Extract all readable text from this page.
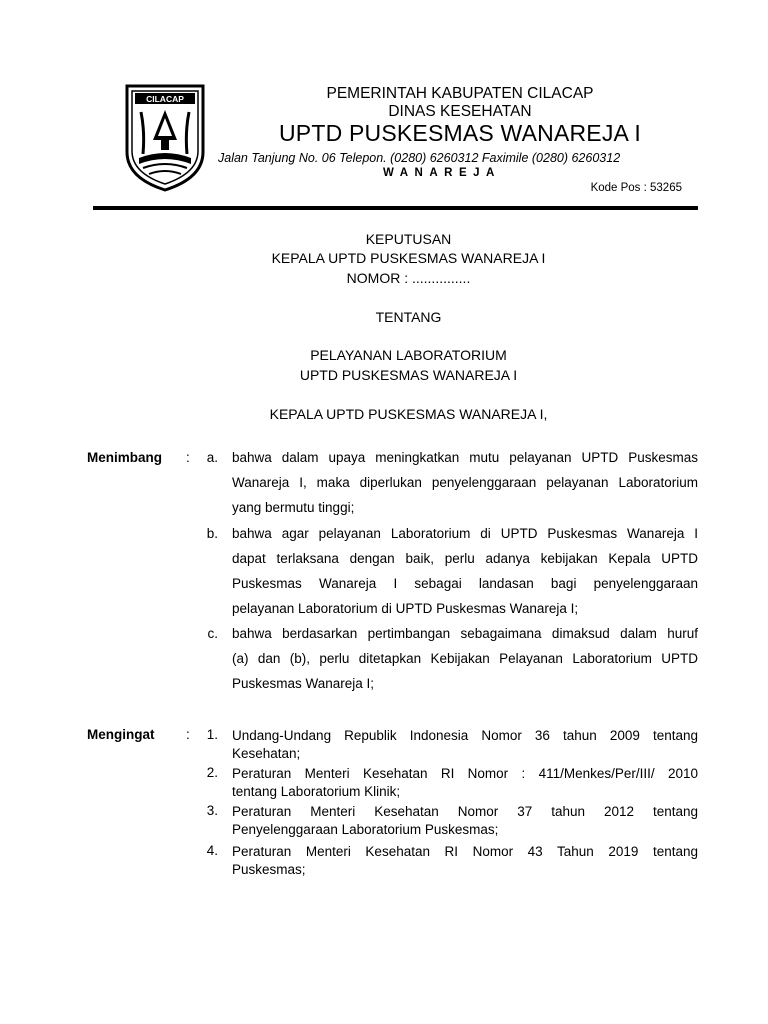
CILACAP	PEMERINTAH KABUPATEN CILACAP
DINAS KESEHATAN
UPTD PUSKESMAS WANAREJA I
Jalan Tanjung No. 06 Telepon. (0280) 6260312 Faximile (0280) 6260312
WANAREJA
Kode Pos : 53265
KEPUTUSAN
KEPALA UPTD PUSKESMAS WANAREJA I
NOMOR : ...............
TENTANG
PELAYANAN LABORATORIUM
UPTD PUSKESMAS WANAREJA I
KEPALA UPTD PUSKESMAS WANAREJA I,
Menimbang :	a. bahwa dalam upaya meningkatkan mutu pelayanan UPTD Puskesmas

Wanareja I, maka diperlukan penyelenggaraan pelayanan Laboratorium

yang bermutu tinggi;

b. bahwa agar pelayanan Laboratorium di UPTD Puskesmas Wanareja I

dapat terlaksana dengan baik, perlu adanya kebijakan Kepala UPTD

Puskesmas Wanareja I sebagai landasan bagi penyelenggaraan

pelayanan Laboratorium di UPTD Puskesmas Wanareja I;

c. bahwa berdasarkan pertimbangan sebagaimana dimaksud dalam huruf

(a) dan (b), perlu ditetapkan Kebijakan Pelayanan Laboratorium UPTD

Puskesmas Wanareja I;

Mengingat :	1. Undang-Undang Republik Indonesia Nomor 36 tahun 2009 tentang

Kesehatan;

2. Peraturan Menteri Kesehatan RI Nomor : 411/Menkes/Per/III/ 2010

tentang Laboratorium Klinik;

3. Peraturan Menteri Kesehatan Nomor 37 tahun 2012 tentang

Penyelenggaraan Laboratorium Puskesmas;

4. Peraturan Menteri Kesehatan RI Nomor 43 Tahun 2019 tentang

Puskesmas;
